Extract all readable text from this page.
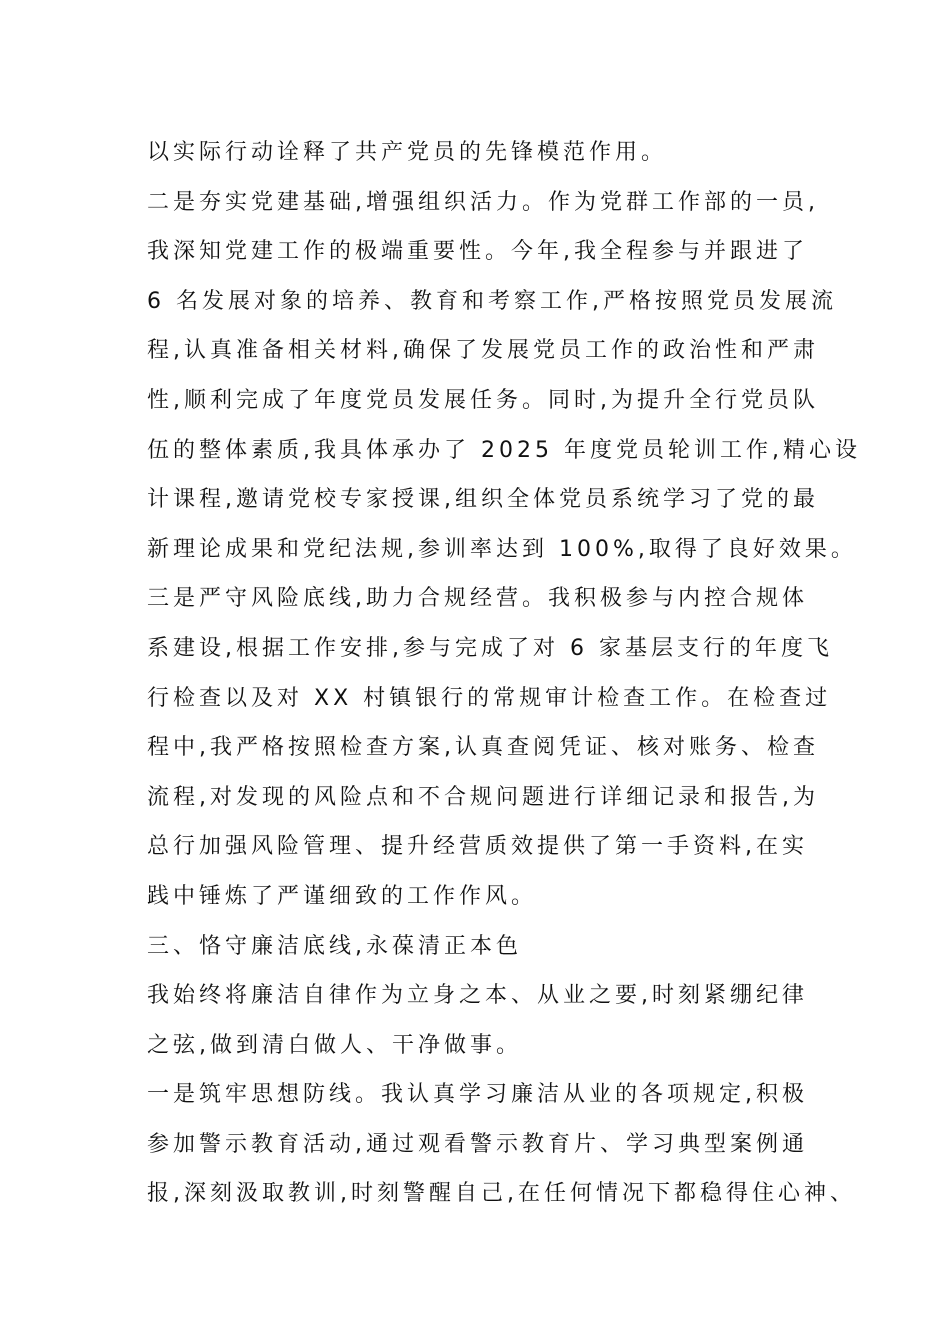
以实际行动诠释了共产党员的先锋模范作用。
二是夯实党建基础,增强组织活力。作为党群工作部的一员,
我深知党建工作的极端重要性。今年,我全程参与并跟进了
6 名发展对象的培养、教育和考察工作,严格按照党员发展流
程,认真准备相关材料,确保了发展党员工作的政治性和严肃
性,顺利完成了年度党员发展任务。同时,为提升全行党员队
伍的整体素质,我具体承办了 2025 年度党员轮训工作,精心设
计课程,邀请党校专家授课,组织全体党员系统学习了党的最
新理论成果和党纪法规,参训率达到 100%,取得了良好效果。
三是严守风险底线,助力合规经营。我积极参与内控合规体
系建设,根据工作安排,参与完成了对 6 家基层支行的年度飞
行检查以及对 XX 村镇银行的常规审计检查工作。在检查过
程中,我严格按照检查方案,认真查阅凭证、核对账务、检查
流程,对发现的风险点和不合规问题进行详细记录和报告,为
总行加强风险管理、提升经营质效提供了第一手资料,在实
践中锤炼了严谨细致的工作作风。
三、恪守廉洁底线,永葆清正本色
我始终将廉洁自律作为立身之本、从业之要,时刻紧绷纪律
之弦,做到清白做人、干净做事。
一是筑牢思想防线。我认真学习廉洁从业的各项规定,积极
参加警示教育活动,通过观看警示教育片、学习典型案例通
报,深刻汲取教训,时刻警醒自己,在任何情况下都稳得住心神、
